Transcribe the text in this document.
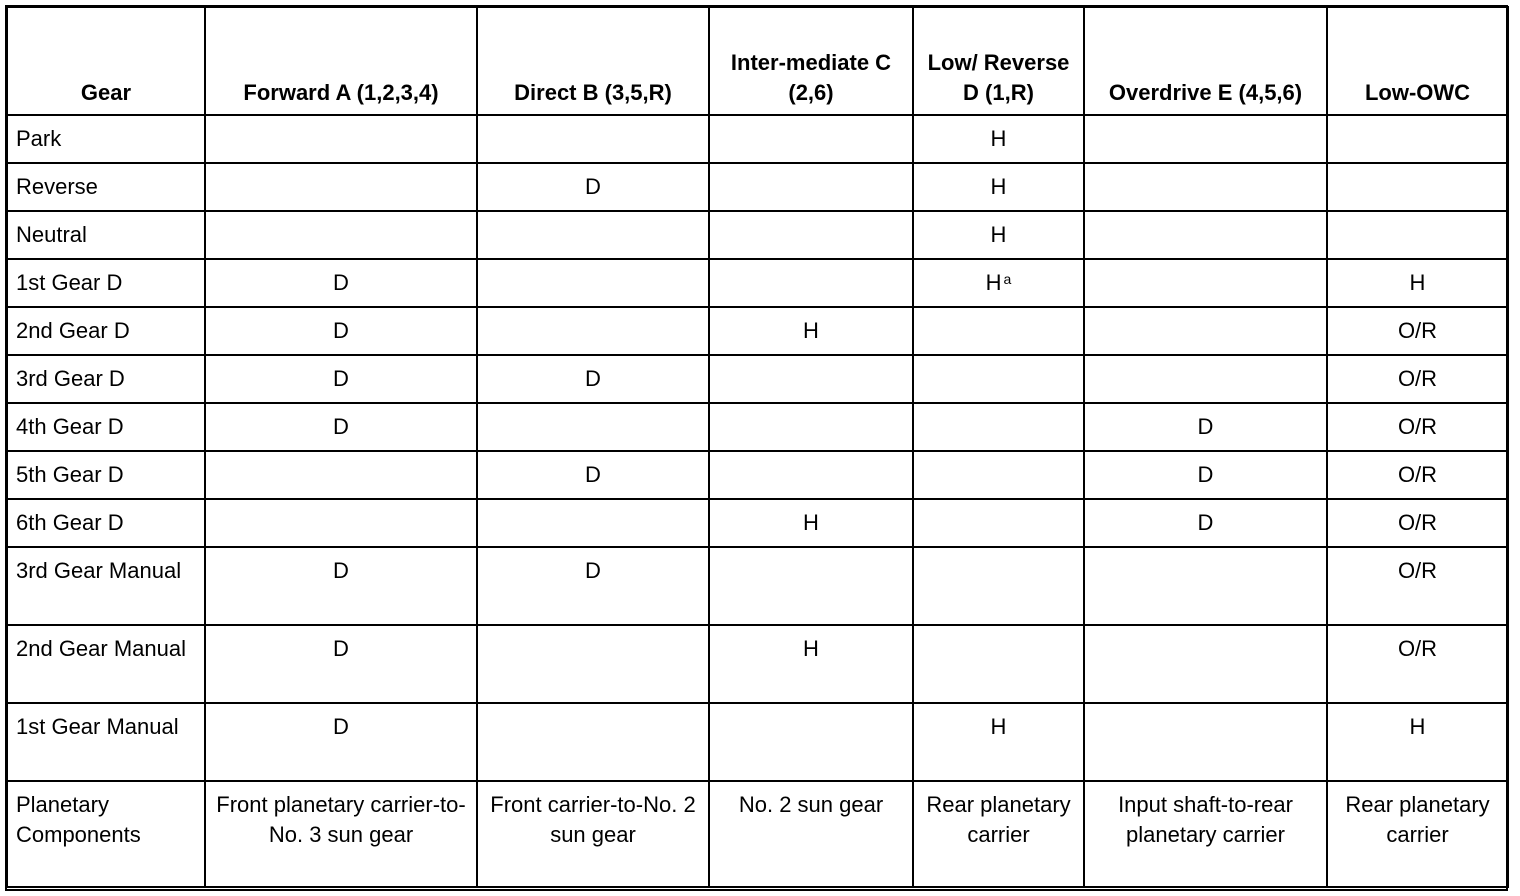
Gear	Forward A (1,2,3,4)	Direct B (3,5,R)	Inter-mediate C (2,6)	Low/ Reverse D (1,R)	Overdrive E (4,5,6)	Low-OWC
Park				H		
Reverse		D		H		
Neutral				H		
1st Gear D	D			H $^a$		H
2nd Gear D	D		H			O/R
3rd Gear D	D	D				O/R
4th Gear D	D				D	O/R
5th Gear D		D			D	O/R
6th Gear D			H		D	O/R
3rd Gear Manual	D	D				O/R
2nd Gear Manual	D		H			O/R
1st Gear Manual	D			H		H
Planetary Components	Front planetary carrier-to-No. 3 sun gear	Front carrier-to-No. 2 sun gear	No. 2 sun gear	Rear planetary carrier	Input shaft-to-rear planetary carrier	Rear planetary carrier
